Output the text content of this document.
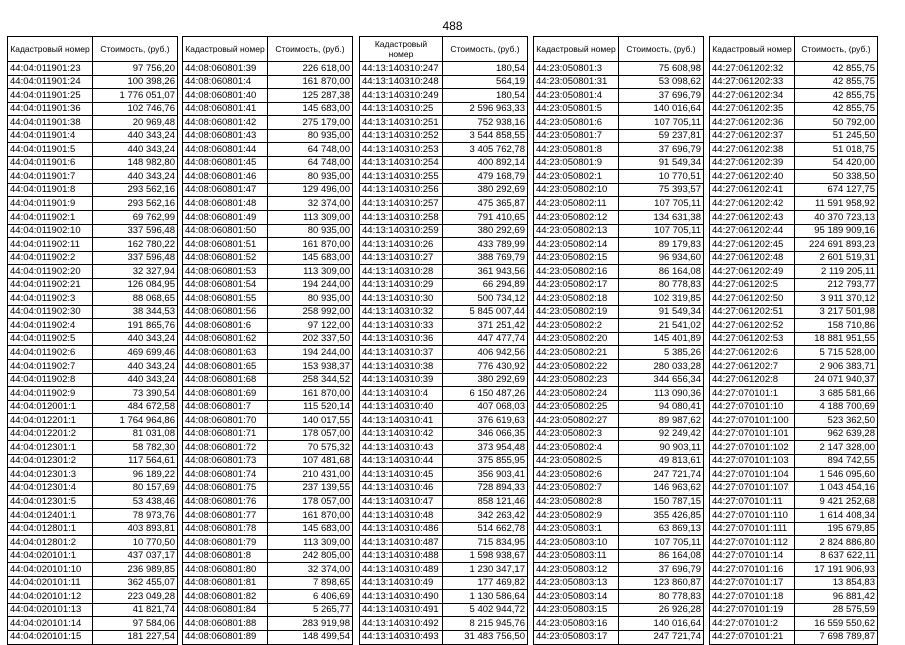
488
Кадастровый номер	Стоимость, (руб.)
44:04:011901:23	97 756,20
44:04:011901:24	100 398,26
44:04:011901:25	1 776 051,07
44:04:011901:36	102 746,76
44:04:011901:38	20 969,48
44:04:011901:4	440 343,24
44:04:011901:5	440 343,24
44:04:011901:6	148 982,80
44:04:011901:7	440 343,24
44:04:011901:8	293 562,16
44:04:011901:9	293 562,16
44:04:011902:1	69 762,99
44:04:011902:10	337 596,48
44:04:011902:11	162 780,22
44:04:011902:2	337 596,48
44:04:011902:20	32 327,94
44:04:011902:21	126 084,95
44:04:011902:3	88 068,65
44:04:011902:30	38 344,53
44:04:011902:4	191 865,76
44:04:011902:5	440 343,24
44:04:011902:6	469 699,46
44:04:011902:7	440 343,24
44:04:011902:8	440 343,24
44:04:011902:9	73 390,54
44:04:012001:1	484 672,58
44:04:012201:1	1 764 964,86
44:04:012201:2	81 031,08
44:04:012301:1	58 782,30
44:04:012301:2	117 564,61
44:04:012301:3	96 189,22
44:04:012301:4	80 157,69
44:04:012301:5	53 438,46
44:04:012401:1	78 973,76
44:04:012801:1	403 893,81
44:04:012801:2	10 770,50
44:04:020101:1	437 037,17
44:04:020101:10	236 989,85
44:04:020101:11	362 455,07
44:04:020101:12	223 049,28
44:04:020101:13	41 821,74
44:04:020101:14	97 584,06
44:04:020101:15	181 227,54
Кадастровый номер	Стоимость, (руб.)
44:08:060801:39	226 618,00
44:08:060801:4	161 870,00
44:08:060801:40	125 287,38
44:08:060801:41	145 683,00
44:08:060801:42	275 179,00
44:08:060801:43	80 935,00
44:08:060801:44	64 748,00
44:08:060801:45	64 748,00
44:08:060801:46	80 935,00
44:08:060801:47	129 496,00
44:08:060801:48	32 374,00
44:08:060801:49	113 309,00
44:08:060801:50	80 935,00
44:08:060801:51	161 870,00
44:08:060801:52	145 683,00
44:08:060801:53	113 309,00
44:08:060801:54	194 244,00
44:08:060801:55	80 935,00
44:08:060801:56	258 992,00
44:08:060801:6	97 122,00
44:08:060801:62	202 337,50
44:08:060801:63	194 244,00
44:08:060801:65	153 938,37
44:08:060801:68	258 344,52
44:08:060801:69	161 870,00
44:08:060801:7	115 520,14
44:08:060801:70	140 017,55
44:08:060801:71	178 057,00
44:08:060801:72	70 575,32
44:08:060801:73	107 481,68
44:08:060801:74	210 431,00
44:08:060801:75	237 139,55
44:08:060801:76	178 057,00
44:08:060801:77	161 870,00
44:08:060801:78	145 683,00
44:08:060801:79	113 309,00
44:08:060801:8	242 805,00
44:08:060801:80	32 374,00
44:08:060801:81	7 898,65
44:08:060801:82	6 406,69
44:08:060801:84	5 265,77
44:08:060801:88	283 919,98
44:08:060801:89	148 499,54
Кадастровый номер	Стоимость, (руб.)
44:13:140310:247	180,54
44:13:140310:248	564,19
44:13:140310:249	180,54
44:13:140310:25	2 596 963,33
44:13:140310:251	752 938,16
44:13:140310:252	3 544 858,55
44:13:140310:253	3 405 762,78
44:13:140310:254	400 892,14
44:13:140310:255	479 168,79
44:13:140310:256	380 292,69
44:13:140310:257	475 365,87
44:13:140310:258	791 410,65
44:13:140310:259	380 292,69
44:13:140310:26	433 789,99
44:13:140310:27	388 769,79
44:13:140310:28	361 943,56
44:13:140310:29	66 294,89
44:13:140310:30	500 734,12
44:13:140310:32	5 845 007,44
44:13:140310:33	371 251,42
44:13:140310:36	447 477,74
44:13:140310:37	406 942,56
44:13:140310:38	776 430,92
44:13:140310:39	380 292,69
44:13:140310:4	6 150 487,26
44:13:140310:40	407 068,03
44:13:140310:41	376 619,63
44:13:140310:42	346 066,35
44:13:140310:43	373 954,48
44:13:140310:44	375 855,95
44:13:140310:45	356 903,41
44:13:140310:46	728 894,33
44:13:140310:47	858 121,46
44:13:140310:48	342 263,42
44:13:140310:486	514 662,78
44:13:140310:487	715 834,95
44:13:140310:488	1 598 938,67
44:13:140310:489	1 230 347,17
44:13:140310:49	177 469,82
44:13:140310:490	1 130 586,64
44:13:140310:491	5 402 944,72
44:13:140310:492	8 215 945,76
44:13:140310:493	31 483 756,50
Кадастровый номер	Стоимость, (руб.)
44:23:050801:3	75 608,98
44:23:050801:31	53 098,62
44:23:050801:4	37 696,79
44:23:050801:5	140 016,64
44:23:050801:6	107 705,11
44:23:050801:7	59 237,81
44:23:050801:8	37 696,79
44:23:050801:9	91 549,34
44:23:050802:1	10 770,51
44:23:050802:10	75 393,57
44:23:050802:11	107 705,11
44:23:050802:12	134 631,38
44:23:050802:13	107 705,11
44:23:050802:14	89 179,83
44:23:050802:15	96 934,60
44:23:050802:16	86 164,08
44:23:050802:17	80 778,83
44:23:050802:18	102 319,85
44:23:050802:19	91 549,34
44:23:050802:2	21 541,02
44:23:050802:20	145 401,89
44:23:050802:21	5 385,26
44:23:050802:22	280 033,28
44:23:050802:23	344 656,34
44:23:050802:24	113 090,36
44:23:050802:25	94 080,41
44:23:050802:27	89 987,62
44:23:050802:3	92 249,42
44:23:050802:4	90 903,11
44:23:050802:5	49 813,61
44:23:050802:6	247 721,74
44:23:050802:7	146 963,62
44:23:050802:8	150 787,15
44:23:050802:9	355 426,85
44:23:050803:1	63 869,13
44:23:050803:10	107 705,11
44:23:050803:11	86 164,08
44:23:050803:12	37 696,79
44:23:050803:13	123 860,87
44:23:050803:14	80 778,83
44:23:050803:15	26 926,28
44:23:050803:16	140 016,64
44:23:050803:17	247 721,74
Кадастровый номер	Стоимость, (руб.)
44:27:061202:32	42 855,75
44:27:061202:33	42 855,75
44:27:061202:34	42 855,75
44:27:061202:35	42 855,75
44:27:061202:36	50 792,00
44:27:061202:37	51 245,50
44:27:061202:38	51 018,75
44:27:061202:39	54 420,00
44:27:061202:40	50 338,50
44:27:061202:41	674 127,75
44:27:061202:42	11 591 958,92
44:27:061202:43	40 370 723,13
44:27:061202:44	95 189 909,16
44:27:061202:45	224 691 893,23
44:27:061202:48	2 601 519,31
44:27:061202:49	2 119 205,11
44:27:061202:5	212 793,77
44:27:061202:50	3 911 370,12
44:27:061202:51	3 217 501,98
44:27:061202:52	158 710,86
44:27:061202:53	18 881 951,55
44:27:061202:6	5 715 528,00
44:27:061202:7	2 906 383,71
44:27:061202:8	24 071 940,37
44:27:070101:1	3 685 581,66
44:27:070101:10	4 188 700,69
44:27:070101:100	523 362,50
44:27:070101:101	962 639,28
44:27:070101:102	2 147 328,00
44:27:070101:103	894 742,55
44:27:070101:104	1 546 095,60
44:27:070101:107	1 043 454,16
44:27:070101:11	9 421 252,68
44:27:070101:110	1 614 408,34
44:27:070101:111	195 679,85
44:27:070101:112	2 824 886,80
44:27:070101:14	8 637 622,11
44:27:070101:16	17 191 906,93
44:27:070101:17	13 854,83
44:27:070101:18	96 881,42
44:27:070101:19	28 575,59
44:27:070101:2	16 559 550,62
44:27:070101:21	7 698 789,87
